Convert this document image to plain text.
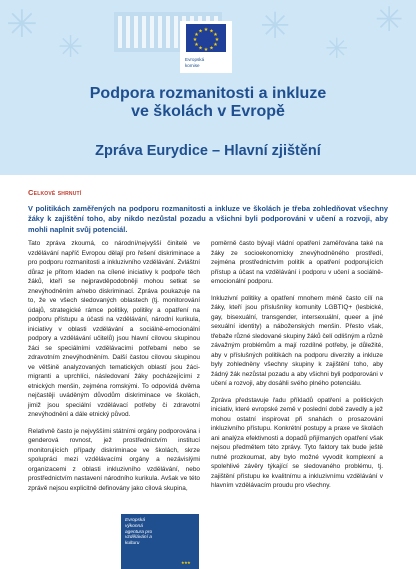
✳
✳
✳
✳
✳
★ ★
★
★
★
★
★
★
★
★
★
★
Evropská
komise
Podpora rozmanitosti a inkluze
ve školách v Evropě
Zpráva Eurydice – Hlavní zjištění
Celkové shrnutí

V politikách zaměřených na podporu rozmanitosti a inkluze ve školách je třeba zohledňovat všechny žáky k zajištění toho, aby nikdo nezůstal pozadu a všichni byli podporováni v učení a rozvoji, aby mohli naplnit svůj potenciál.

Tato zpráva zkoumá, co národní/nejvyšší činitelé ve vzdělávání napříč Evropou dělají pro řešení diskriminace a pro podporu rozmanitosti a inkluzivního vzdělávání. Zvláštní důraz je přitom kladen na cílené iniciativy k podpoře těch žáků, kteří se nejpravděpodobněji mohou setkat se znevýhodněním a/nebo diskriminací. Zpráva poukazuje na to, že ve všech sledovaných oblastech (tj. monitorování údajů, strategické rámce politiky, politiky a opatření na podporu přístupu a účasti na vzdělávání, národní kurikula, iniciativy v oblasti vzdělávání a sociálně-emocionální podpory a vzdělávání učitelů) jsou hlavní cílovou skupinou žáci se speciálními vzdělávacími potřebami nebo se zdravotním znevýhodněním. Další častou cílovou skupinou ve většině analyzovaných tematických oblastí jsou žáci-migranti a uprchlíci, následovaní žáky pocházejícími z etnických menšin, zejména romskými. To odpovídá dvěma nejčastěji uváděným důvodům diskriminace ve školách, jimiž jsou speciální vzdělávací potřeby či zdravotní znevýhodnění a dále etnický původ.

Relativně často je nejvyššími státními orgány podporována i genderová rovnost, jež prostřednictvím institucí monitorujících případy diskriminace ve školách, skrze spolupráci mezi vzdělávacími orgány a nezávislými organizacemi z oblasti inkluzivního vzdělávání, nebo prostřednictvím nastavení národního kurikula. Avšak ve této zprávě nejsou explicitně definovány jako cílová skupina,

poměrně často bývají vládní opatření zaměřována také na žáky ze socioekonomicky znevýhodněného prostředí, zejména prostřednictvím politik a opatření podporujících přístup a účast na vzdělávání i podporu v učení a sociálně-emocionální podporu.

Inkluzivní politiky a opatření mnohem méně často cílí na žáky, kteří jsou příslušníky komunity LGBTIQ+ (lesbické, gay, bisexuální, transgender, intersexuální, queer a jiné sexuální identity) a náboženských menšin. Přesto však, třebaže různé sledované skupiny žáků čelí odlišným a různě závažným problémům a mají rozdílné potřeby, je důležité, aby v příslušných politikách na podporu diverzity a inkluze byly zohledněny všechny skupiny k zajištění toho, aby žádný žák nezůstal pozadu a aby všichni byli podporováni v učení a rozvoji, aby dosáhli svého plného potenciálu.

Zpráva představuje řadu příkladů opatření a politických iniciativ, které evropské země v poslední době zavedly a jež mohou ostatní inspirovat při snahách o prosazování inkluzivního přístupu. Konkrétní postupy a praxe ve školách ani analýza efektivnosti a dopadů přijímaných opatření však nejsou předmětem této zprávy. Tyto faktory tak bude ještě nutné prozkoumat, aby bylo možné vyvodit komplexní a spolehlivé závěry týkající se sledovaného problému, tj. zajištění přístupu ke kvalitnímu a inkluzivnímu vzdělávání v hlavním vzdělávacím proudu pro všechny.

Evropská
výkonná
agentura pro
vzdělávání a
kulturu
★★★
